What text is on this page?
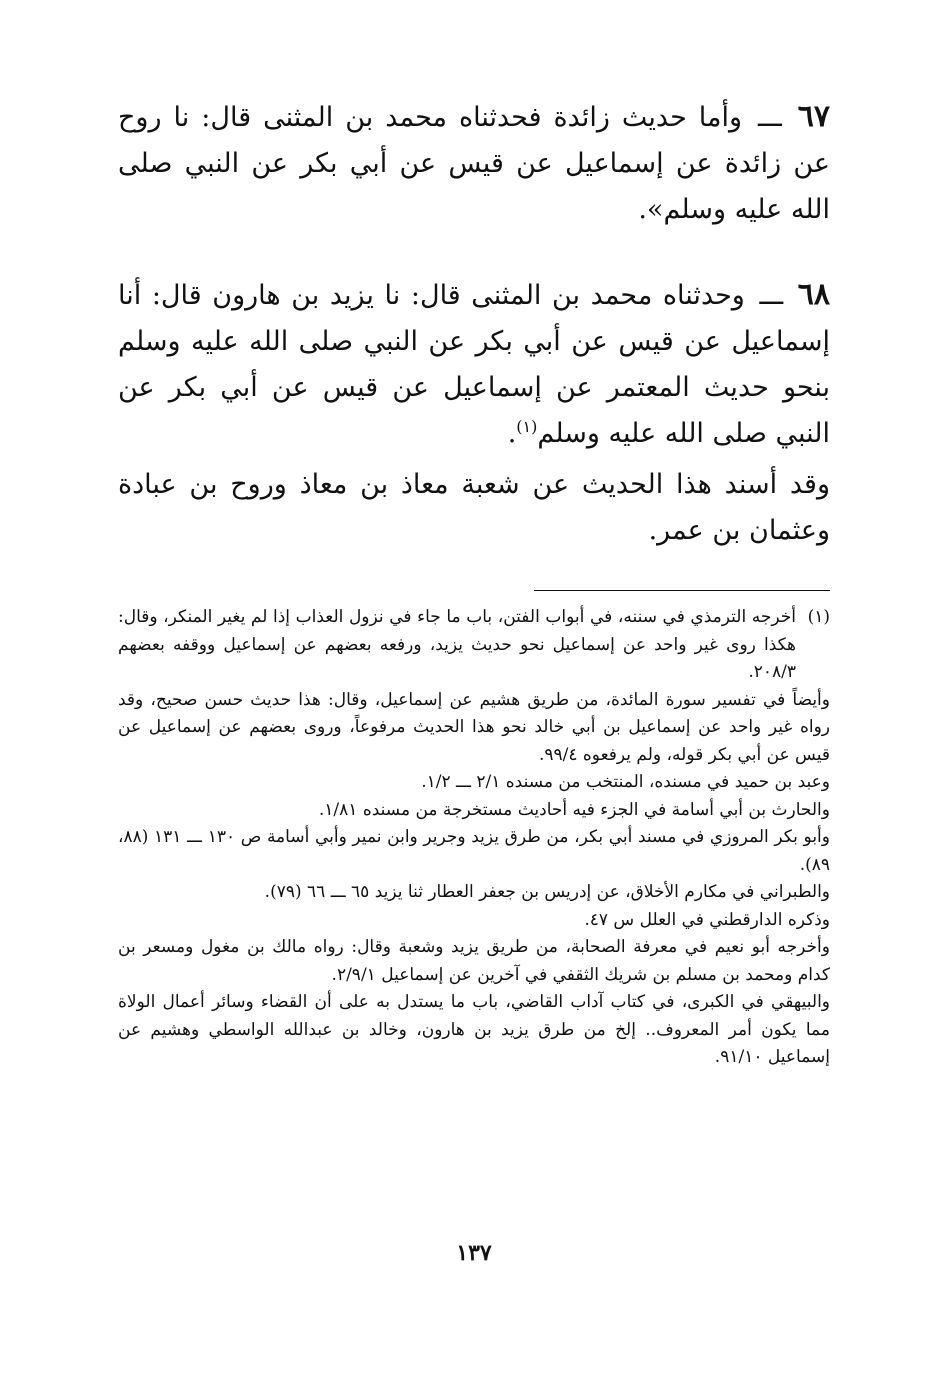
٦٧ ـــ وأما حديث زائدة فحدثناه محمد بن المثنى قال: نا روح عن زائدة عن إسماعيل عن قيس عن أبي بكر عن النبي صلى الله عليه وسلم».

٦٨ ـــ وحدثناه محمد بن المثنى قال: نا يزيد بن هارون قال: أنا إسماعيل عن قيس عن أبي بكر عن النبي صلى الله عليه وسلم بنحو حديث المعتمر عن إسماعيل عن قيس عن أبي بكر عن النبي صلى الله عليه وسلم$^{(١)}$.

وقد أسند هذا الحديث عن شعبة معاذ بن معاذ وروح بن عبادة وعثمان بن عمر.

(١)
أخرجه الترمذي في سننه، في أبواب الفتن، باب ما جاء في نزول العذاب إذا لم يغير المنكر، وقال: هكذا روى غير واحد عن إسماعيل نحو حديث يزيد، ورفعه بعضهم عن إسماعيل ووقفه بعضهم ٢٠٨/٣.

وأيضاً في تفسير سورة المائدة، من طريق هشيم عن إسماعيل، وقال: هذا حديث حسن صحيح، وقد رواه غير واحد عن إسماعيل بن أبي خالد نحو هذا الحديث مرفوعاً، وروى بعضهم عن إسماعيل عن قيس عن أبي بكر قوله، ولم يرفعوه ٩٩/٤.

وعبد بن حميد في مسنده، المنتخب من مسنده ٢/١ ـــ ١/٢.

والحارث بن أبي أسامة في الجزء فيه أحاديث مستخرجة من مسنده ١/٨١.

وأبو بكر المروزي في مسند أبي بكر، من طرق يزيد وجرير وابن نمير وأبي أسامة ص ١٣٠ ـــ ١٣١ (٨٨، ٨٩).

والطبراني في مكارم الأخلاق، عن إدريس بن جعفر العطار ثنا يزيد ٦٥ ـــ ٦٦ (٧٩).

وذكره الدارقطني في العلل س ٤٧.

وأخرجه أبو نعيم في معرفة الصحابة، من طريق يزيد وشعبة وقال: رواه مالك بن مغول ومسعر بن كدام ومحمد بن مسلم بن شريك الثقفي في آخرين عن إسماعيل ٢/٩/١.

والبيهقي في الكبرى، في كتاب آداب القاضي، باب ما يستدل به على أن القضاء وسائر أعمال الولاة مما يكون أمر المعروف.. إلخ من طرق يزيد بن هارون، وخالد بن عبدالله الواسطي وهشيم عن إسماعيل ٩١/١٠.

١٣٧
